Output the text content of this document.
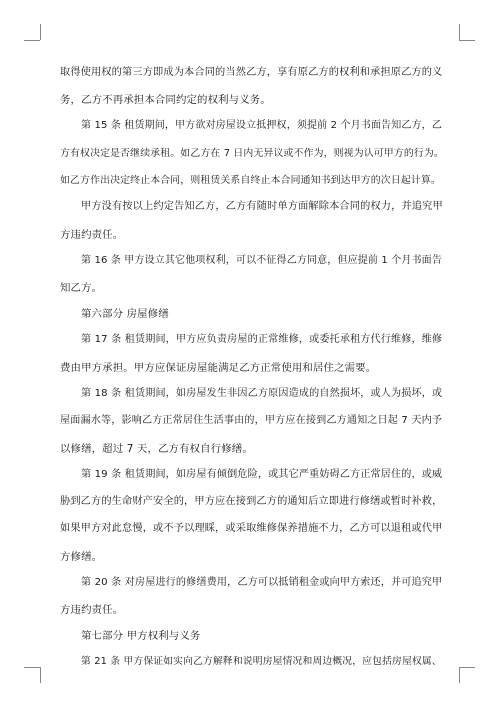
取得使用权的第三方即成为本合同的当然乙方，享有原乙方的权利和承担原乙方的义
务，乙方不再承担本合同约定的权利与义务。
第 15 条 租赁期间，甲方欲对房屋设立抵押权，须提前 2 个月书面告知乙方，乙
方有权决定是否继续承租。如乙方在 7 日内无异议或不作为，则视为认可甲方的行为。
如乙方作出决定终止本合同，则租赁关系自终止本合同通知书到达甲方的次日起计算。
甲方没有按以上约定告知乙方，乙方有随时单方面解除本合同的权力，并追究甲
方违约责任。
第 16 条 甲方设立其它他项权利，可以不征得乙方同意，但应提前 1 个月书面告
知乙方。
第六部分 房屋修缮
第 17 条 租赁期间，甲方应负责房屋的正常维修，或委托承租方代行维修，维修
费由甲方承担。甲方应保证房屋能满足乙方正常使用和居住之需要。
第 18 条 租赁期间，如房屋发生非因乙方原因造成的自然损坏，或人为损坏，或
屋面漏水等，影响乙方正常居住生活事由的，甲方应在接到乙方通知之日起 7 天内予
以修缮，超过 7 天，乙方有权自行修缮。
第 19 条 租赁期间，如房屋有倾倒危险，或其它严重妨碍乙方正常居住的，或威
胁到乙方的生命财产安全的，甲方应在接到乙方的通知后立即进行修缮或暂时补救，
如果甲方对此怠慢，或不予以理睬，或采取维修保养措施不力，乙方可以退租或代甲
方修缮。
第 20 条 对房屋进行的修缮费用，乙方可以抵销租金或向甲方索还，并可追究甲
方违约责任。
第七部分 甲方权利与义务
第 21 条 甲方保证如实向乙方解释和说明房屋情况和周边概况，应包括房屋权属、
